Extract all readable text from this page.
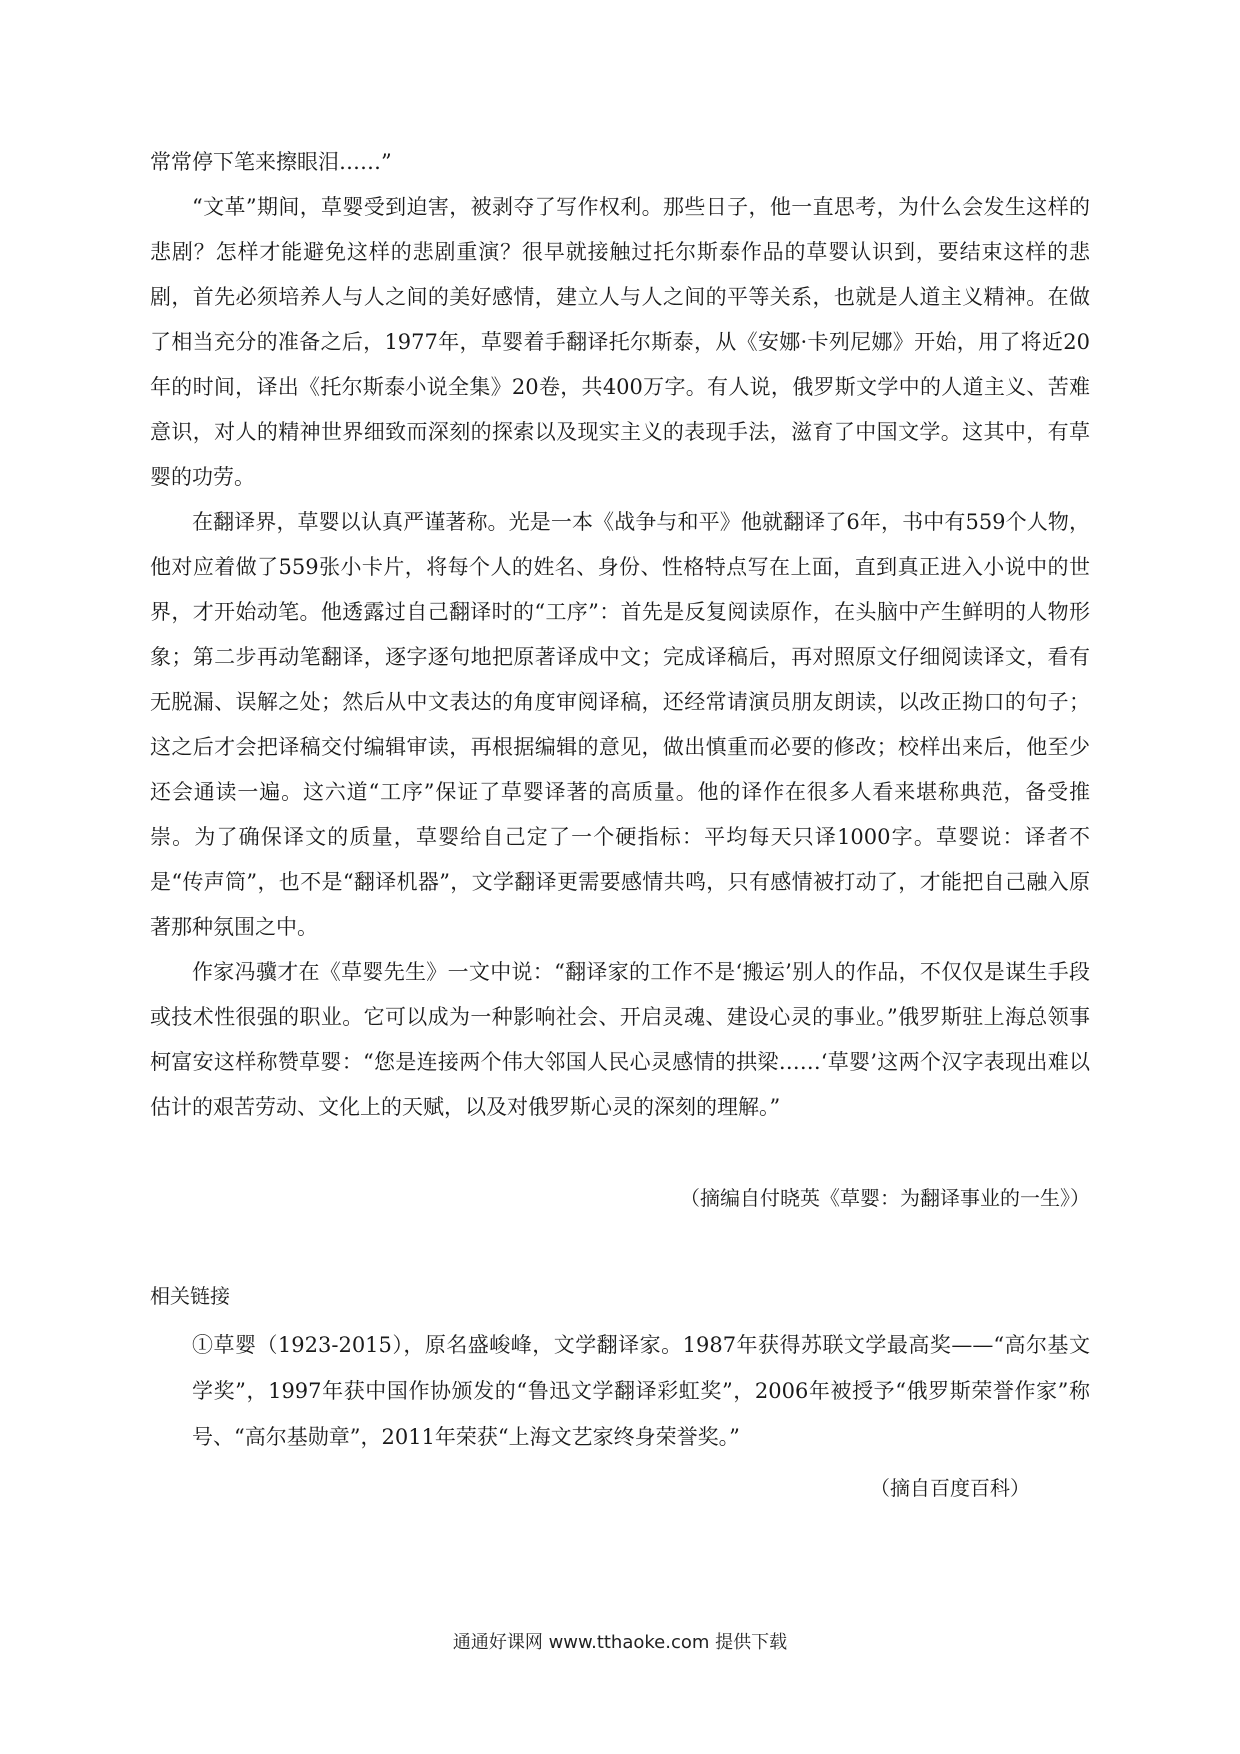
常常停下笔来擦眼泪……”

“文革”期间，草婴受到迫害，被剥夺了写作权利。那些日子，他一直思考，为什么会发生这样的悲剧？怎样才能避免这样的悲剧重演？很早就接触过托尔斯泰作品的草婴认识到，要结束这样的悲剧，首先必须培养人与人之间的美好感情，建立人与人之间的平等关系，也就是人道主义精神。在做了相当充分的准备之后，1977年，草婴着手翻译托尔斯泰，从《安娜·卡列尼娜》开始，用了将近20年的时间，译出《托尔斯泰小说全集》20卷，共400万字。有人说，俄罗斯文学中的人道主义、苦难意识，对人的精神世界细致而深刻的探索以及现实主义的表现手法，滋育了中国文学。这其中，有草婴的功劳。

在翻译界，草婴以认真严谨著称。光是一本《战争与和平》他就翻译了6年，书中有559个人物，他对应着做了559张小卡片，将每个人的姓名、身份、性格特点写在上面，直到真正进入小说中的世界，才开始动笔。他透露过自己翻译时的“工序”：首先是反复阅读原作，在头脑中产生鲜明的人物形象；第二步再动笔翻译，逐字逐句地把原著译成中文；完成译稿后，再对照原文仔细阅读译文，看有无脱漏、误解之处；然后从中文表达的角度审阅译稿，还经常请演员朋友朗读，以改正拗口的句子；这之后才会把译稿交付编辑审读，再根据编辑的意见，做出慎重而必要的修改；校样出来后，他至少还会通读一遍。这六道“工序”保证了草婴译著的高质量。他的译作在很多人看来堪称典范，备受推崇。为了确保译文的质量，草婴给自己定了一个硬指标：平均每天只译1000字。草婴说：译者不是“传声筒”，也不是“翻译机器”，文学翻译更需要感情共鸣，只有感情被打动了，才能把自己融入原著那种氛围之中。

作家冯骥才在《草婴先生》一文中说：“翻译家的工作不是‘搬运’别人的作品，不仅仅是谋生手段或技术性很强的职业。它可以成为一种影响社会、开启灵魂、建设心灵的事业。”俄罗斯驻上海总领事柯富安这样称赞草婴：“您是连接两个伟大邻国人民心灵感情的拱梁……‘草婴’这两个汉字表现出难以估计的艰苦劳动、文化上的天赋，以及对俄罗斯心灵的深刻的理解。”

（摘编自付晓英《草婴：为翻译事业的一生》）

相关链接

①草婴（1923-2015），原名盛峻峰，文学翻译家。1987年获得苏联文学最高奖——“高尔基文学奖”，1997年获中国作协颁发的“鲁迅文学翻译彩虹奖”，2006年被授予“俄罗斯荣誉作家”称号、“高尔基勋章”，2011年荣获“上海文艺家终身荣誉奖。”

（摘自百度百科）

通通好课网 www.tthaoke.com 提供下载
